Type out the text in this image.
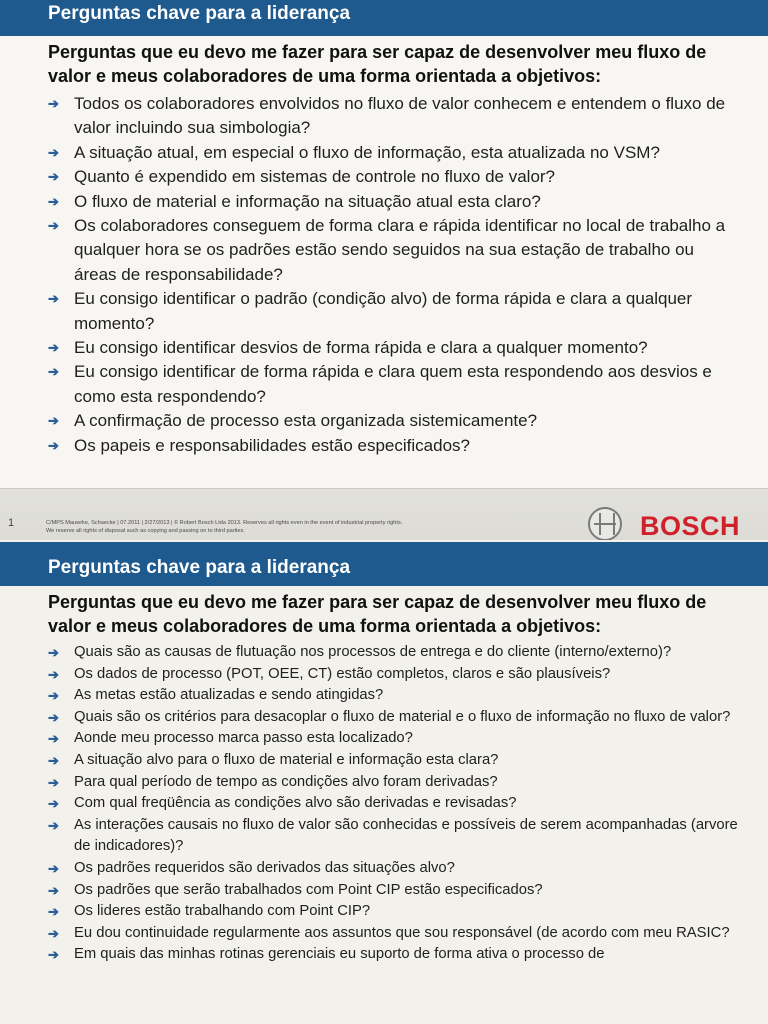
Perguntas chave para a liderança
Perguntas que eu devo me fazer para ser capaz de desenvolver meu fluxo de valor e meus colaboradores de uma forma orientada a objetivos:
➔ Todos os colaboradores envolvidos no fluxo de valor conhecem e entendem o fluxo de valor incluindo sua simbologia?
➔ A situação atual, em especial o fluxo de informação, esta atualizada no VSM?
➔ Quanto é expendido em sistemas de controle no fluxo de valor?
➔ O fluxo de material e informação na situação atual esta claro?
➔ Os colaboradores conseguem de forma clara e rápida identificar no local de trabalho a qualquer hora se os padrões estão sendo seguidos na sua estação de trabalho ou áreas de responsabilidade?
➔ Eu consigo identificar o padrão (condição alvo) de forma rápida e clara a qualquer momento?
➔ Eu consigo identificar desvios de forma rápida e clara a qualquer momento?
➔ Eu consigo identificar de forma rápida e clara quem esta respondendo aos desvios e como esta respondendo?
➔ A confirmação de processo esta organizada sistemicamente?
➔ Os papeis e responsabilidades estão especificados?
1	C/MPS Mauwrke, Schaecke | 07.2011 | 2/27/2013 | © Robert Bosch Ltda 2013. Reserves all rights even in the event of industrial property rights.
We reserve all rights of disposal such as copying and passing on to third parties.	BOSCH
Perguntas chave para a liderança
Perguntas que eu devo me fazer para ser capaz de desenvolver meu fluxo de valor e meus colaboradores de uma forma orientada a objetivos:
➔ Quais são as causas de flutuação nos processos de entrega e do cliente (interno/externo)?
➔ Os dados de processo (POT, OEE, CT) estão completos, claros e são plausíveis?
➔ As metas estão atualizadas e sendo atingidas?
➔ Quais são os critérios para desacoplar o fluxo de material e o fluxo de informação no fluxo de valor?
➔ Aonde meu processo marca passo esta localizado?
➔ A situação alvo para o fluxo de material e informação esta clara?
➔ Para qual período de tempo as condições alvo foram derivadas?
➔ Com qual freqüência as condições alvo são derivadas e revisadas?
➔ As interações causais no fluxo de valor são conhecidas e possíveis de serem acompanhadas (arvore de indicadores)?
➔ Os padrões requeridos são derivados das situações alvo?
➔ Os padrões que serão trabalhados com Point CIP estão especificados?
➔ Os lideres estão trabalhando com Point CIP?
➔ Eu dou continuidade regularmente aos assuntos que sou responsável (de acordo com meu RASIC?
➔ Em quais das minhas rotinas gerenciais eu suporto de forma ativa o processo de
